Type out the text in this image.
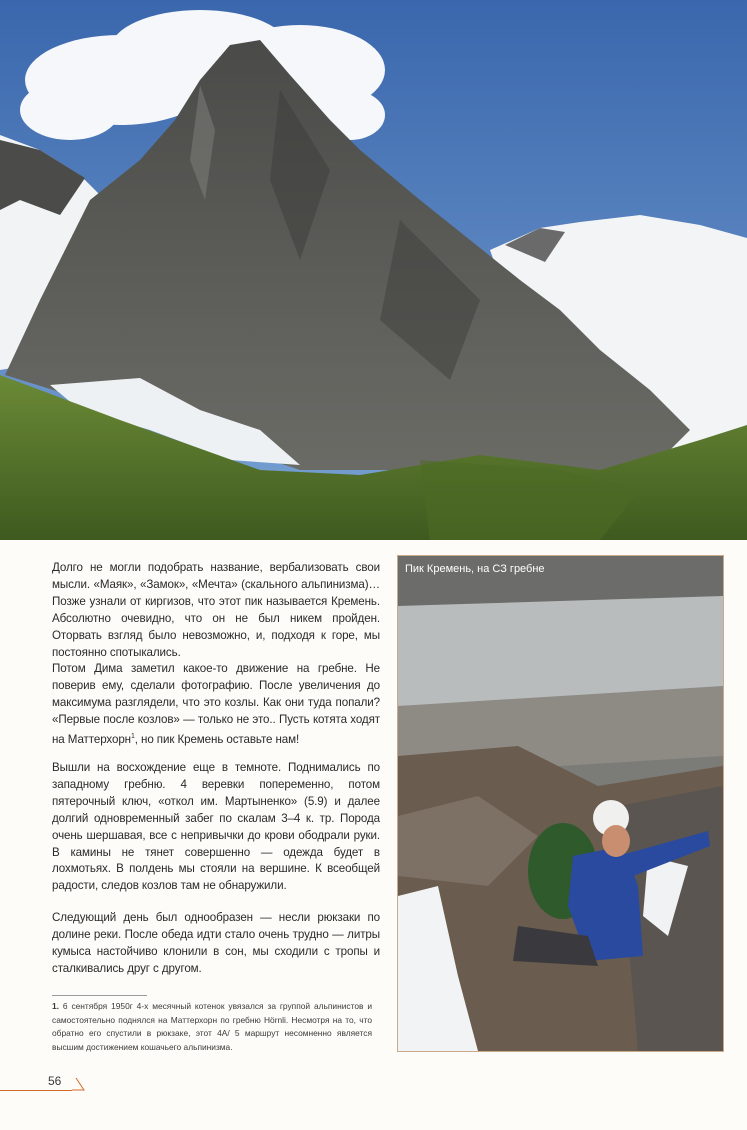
Долго не могли подобрать название, вербализовать свои мысли. «Маяк», «Замок», «Мечта» (скального альпинизма)… Позже узнали от киргизов, что этот пик называется Кремень. Абсолютно очевидно, что он не был никем пройден. Оторвать взгляд было невозможно, и, подходя к горе, мы постоянно спотыкались.

Потом Дима заметил какое-то движение на гребне. Не поверив ему, сделали фотографию. После увеличения до максимума разглядели, что это козлы. Как они туда попали? «Первые после козлов» — только не это.. Пусть котята ходят на Маттерхорн$^1$, но пик Кремень оставьте нам!

Вышли на восхождение еще в темноте. Поднимались по западному гребню. 4 веревки попеременно, потом пятерочный ключ, «откол им. Мартыненко» (5.9) и далее долгий одновременный забег по скалам 3–4 к. тр. Порода очень шершавая, все с непривычки до крови ободрали руки. В камины не тянет совершенно — одежда будет в лохмотьях. В полдень мы стояли на вершине. К всеобщей радости, следов козлов там не обнаружили.

Следующий день был однообразен — несли рюкзаки по долине реки. После обеда идти стало очень трудно — литры кумыса настойчиво клонили в сон, мы сходили с тропы и сталкивались друг с другом.

Пик Кремень, на СЗ гребне
1. 6 сентября 1950г 4-х месячный котенок увязался за группой альпинистов и самостоятельно поднялся на Маттерхорн по гребню Hörnli. Несмотря на то, что обратно его спустили в рюкзаке, этот 4А/ 5 маршрут несомненно является высшим достижением кошачьего альпинизма.
56
